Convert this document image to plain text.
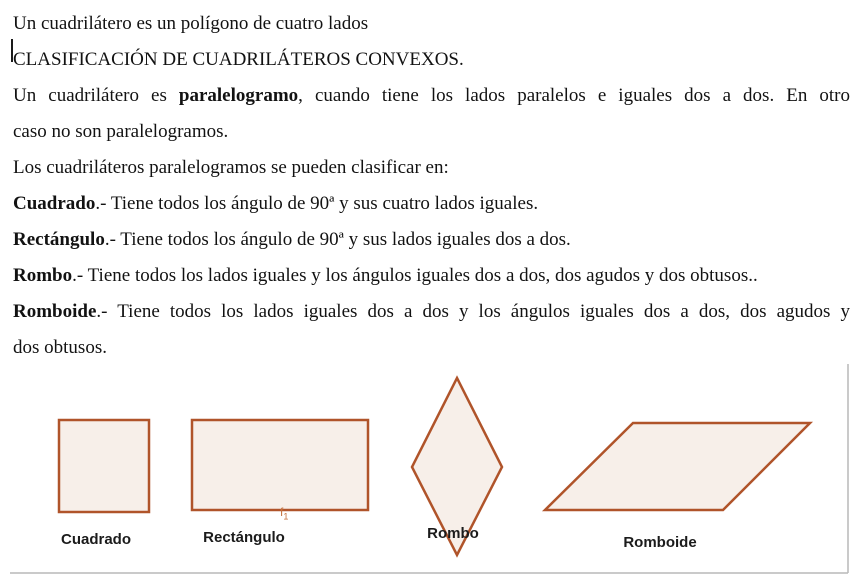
Un cuadrilátero es un polígono de cuatro lados
CLASIFICACIÓN DE CUADRILÁTEROS CONVEXOS.
Un cuadrilátero es paralelogramo, cuando tiene los lados paralelos e iguales dos a dos. En otro
caso no son paralelogramos.
Los cuadriláteros paralelogramos se pueden clasificar en:
Cuadrado.- Tiene todos los ángulo de 90ª y sus cuatro lados iguales.
Rectángulo.- Tiene todos los ángulo de 90ª y sus lados iguales dos a dos.
Rombo.- Tiene todos los lados iguales y los ángulos iguales dos a dos, dos agudos y dos obtusos..
Romboide.- Tiene todos los lados iguales dos a dos y los ángulos iguales dos a dos, dos agudos y
dos obtusos.
Cuadrado	Rectángulo	Rombo
Romboide
$f_1$
